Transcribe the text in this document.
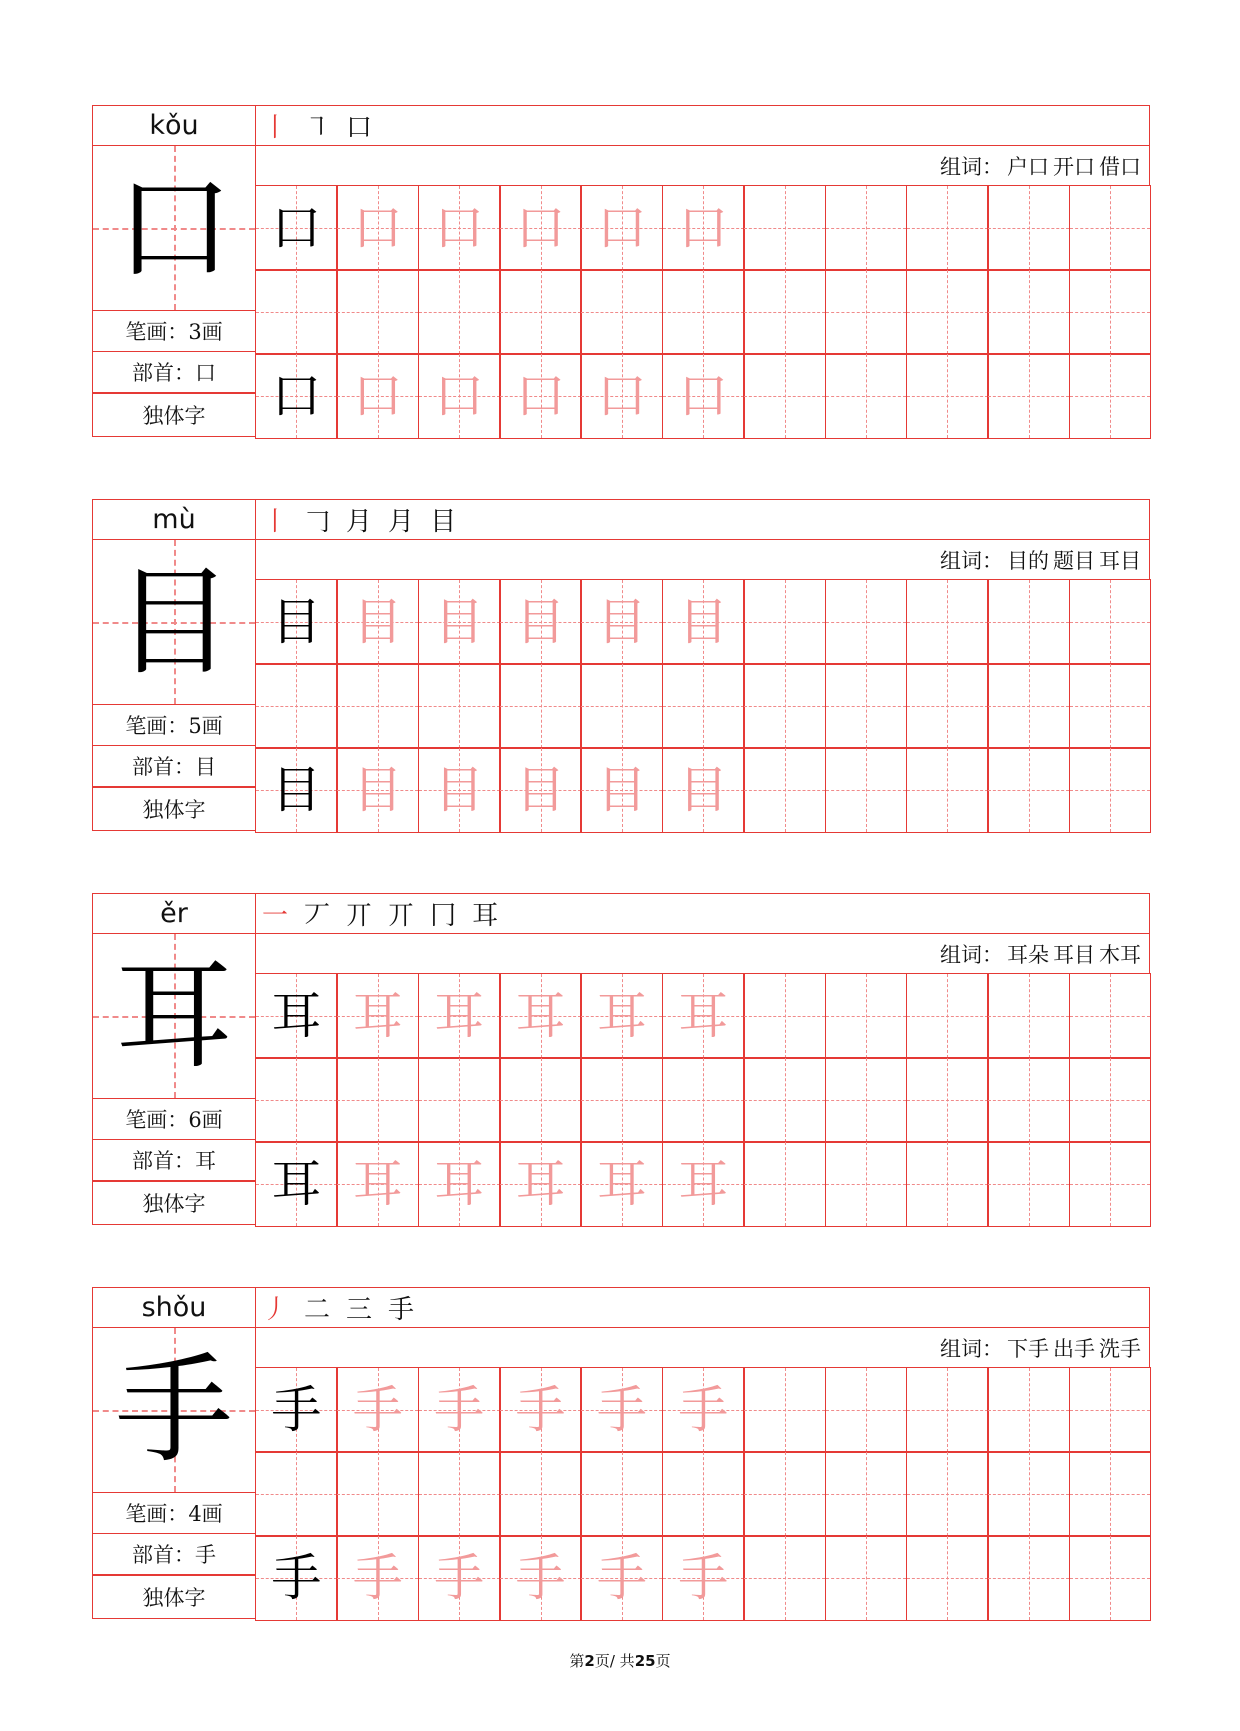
kǒu
口
笔画： 3画
部首： 口
独体字
丨 ㇕ 口
组词： 户口 开口 借口
口 口 口 口 口 口
口 口 口 口 口 口
mù
目
笔画： 5画
部首： 目
独体字
丨 𠃌 月 月 目
组词： 目的 题目 耳目
目 目 目 目 目 目
目 目 目 目 目 目
ěr
耳
笔画： 6画
部首： 耳
独体字
一 丆 丌 丌 冂 耳
组词： 耳朵 耳目 木耳
耳 耳 耳 耳 耳 耳
耳 耳 耳 耳 耳 耳
shǒu
手
笔画： 4画
部首： 手
独体字
丿 二 三 手
组词： 下手 出手 洗手
手 手 手 手 手 手
手 手 手 手 手 手
第2页/ 共25页
